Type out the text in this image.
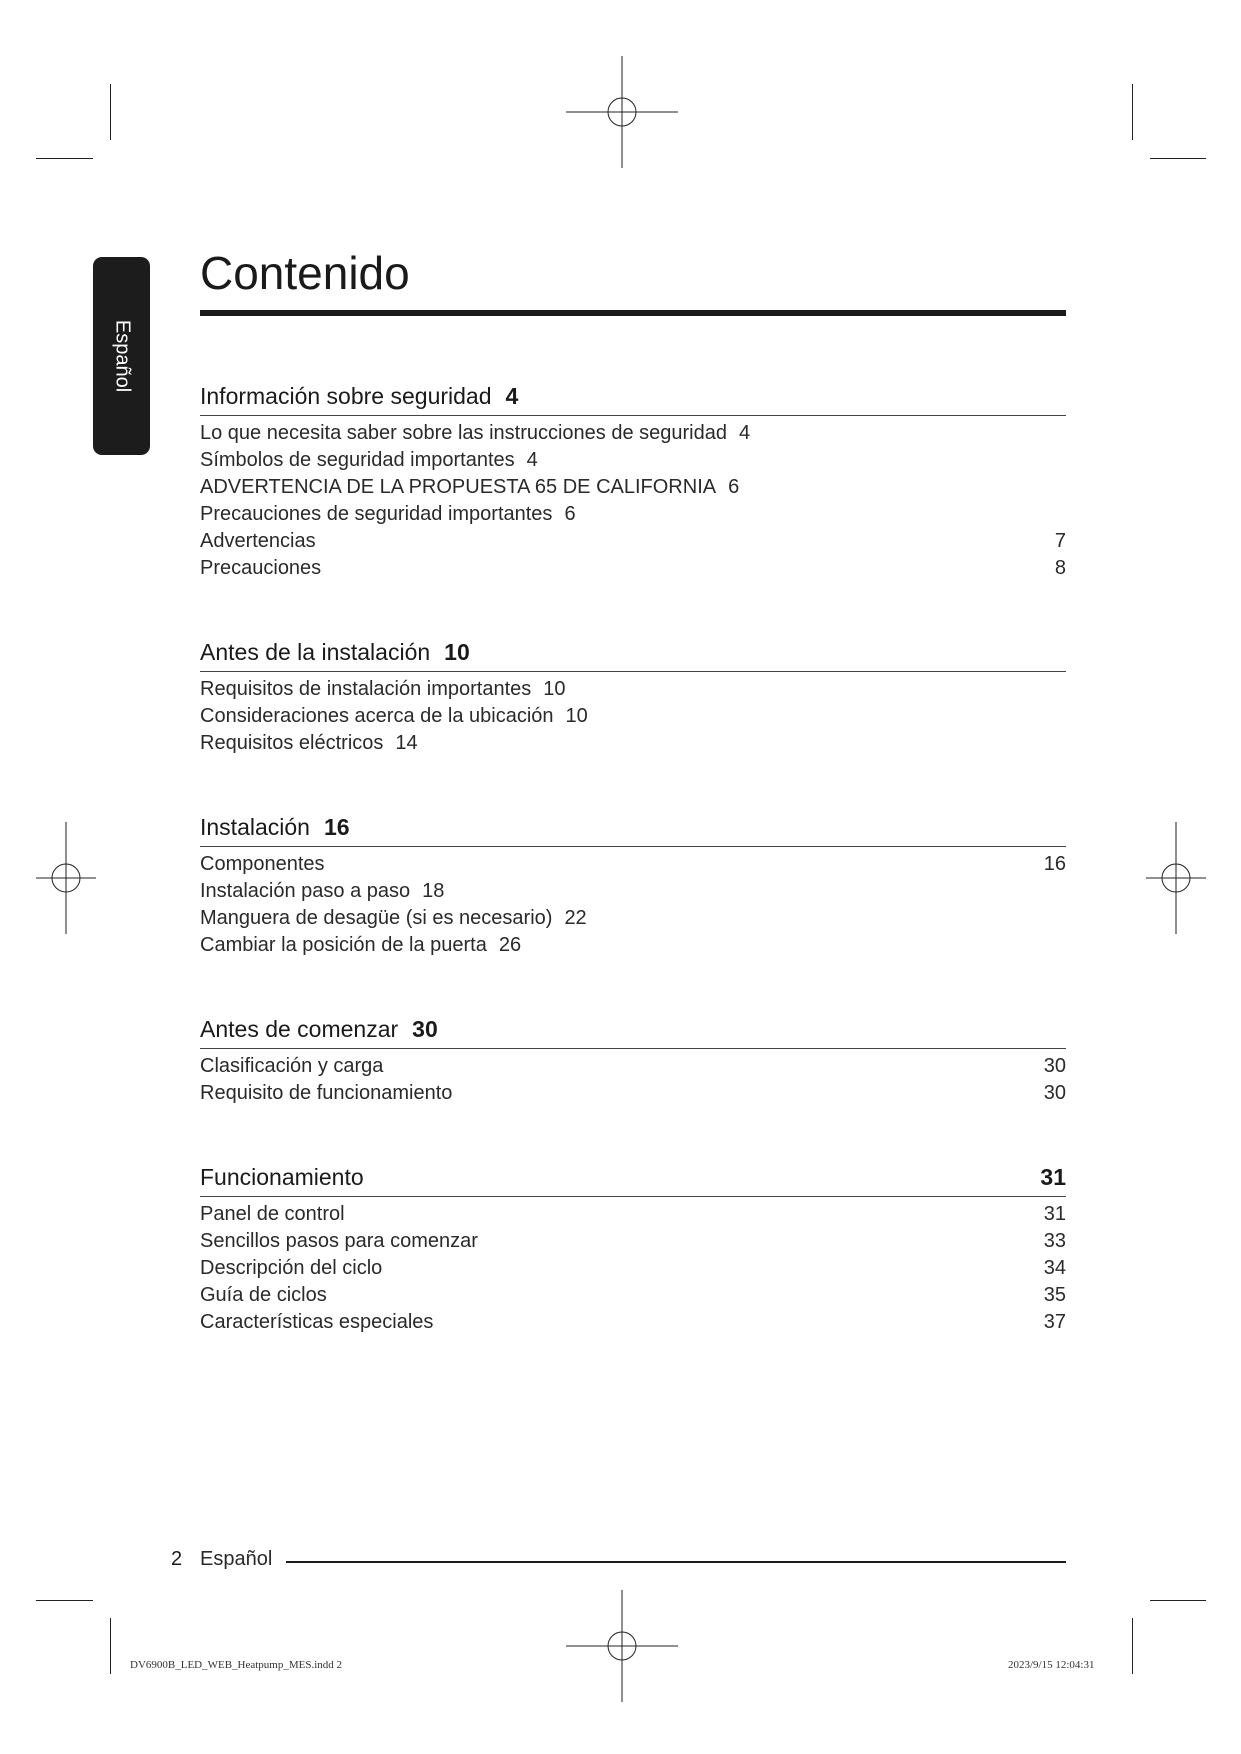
Español
Contenido
Información sobre seguridad 4
Lo que necesita saber sobre las instrucciones de seguridad 4
Símbolos de seguridad importantes 4
ADVERTENCIA DE LA PROPUESTA 65 DE CALIFORNIA 6
Precauciones de seguridad importantes 6
Advertencias	7
Precauciones	8
Antes de la instalación 10
Requisitos de instalación importantes 10
Consideraciones acerca de la ubicación 10
Requisitos eléctricos 14
Instalación 16
Componentes	16
Instalación paso a paso 18
Manguera de desagüe (si es necesario) 22
Cambiar la posición de la puerta 26
Antes de comenzar 30
Clasificación y carga	30
Requisito de funcionamiento	30
Funcionamiento	31
Panel de control	31
Sencillos pasos para comenzar	33
Descripción del ciclo	34
Guía de ciclos	35
Características especiales	37
2 Español
DV6900B_LED_WEB_Heatpump_MES.indd 2	2023/9/15 12:04:31
